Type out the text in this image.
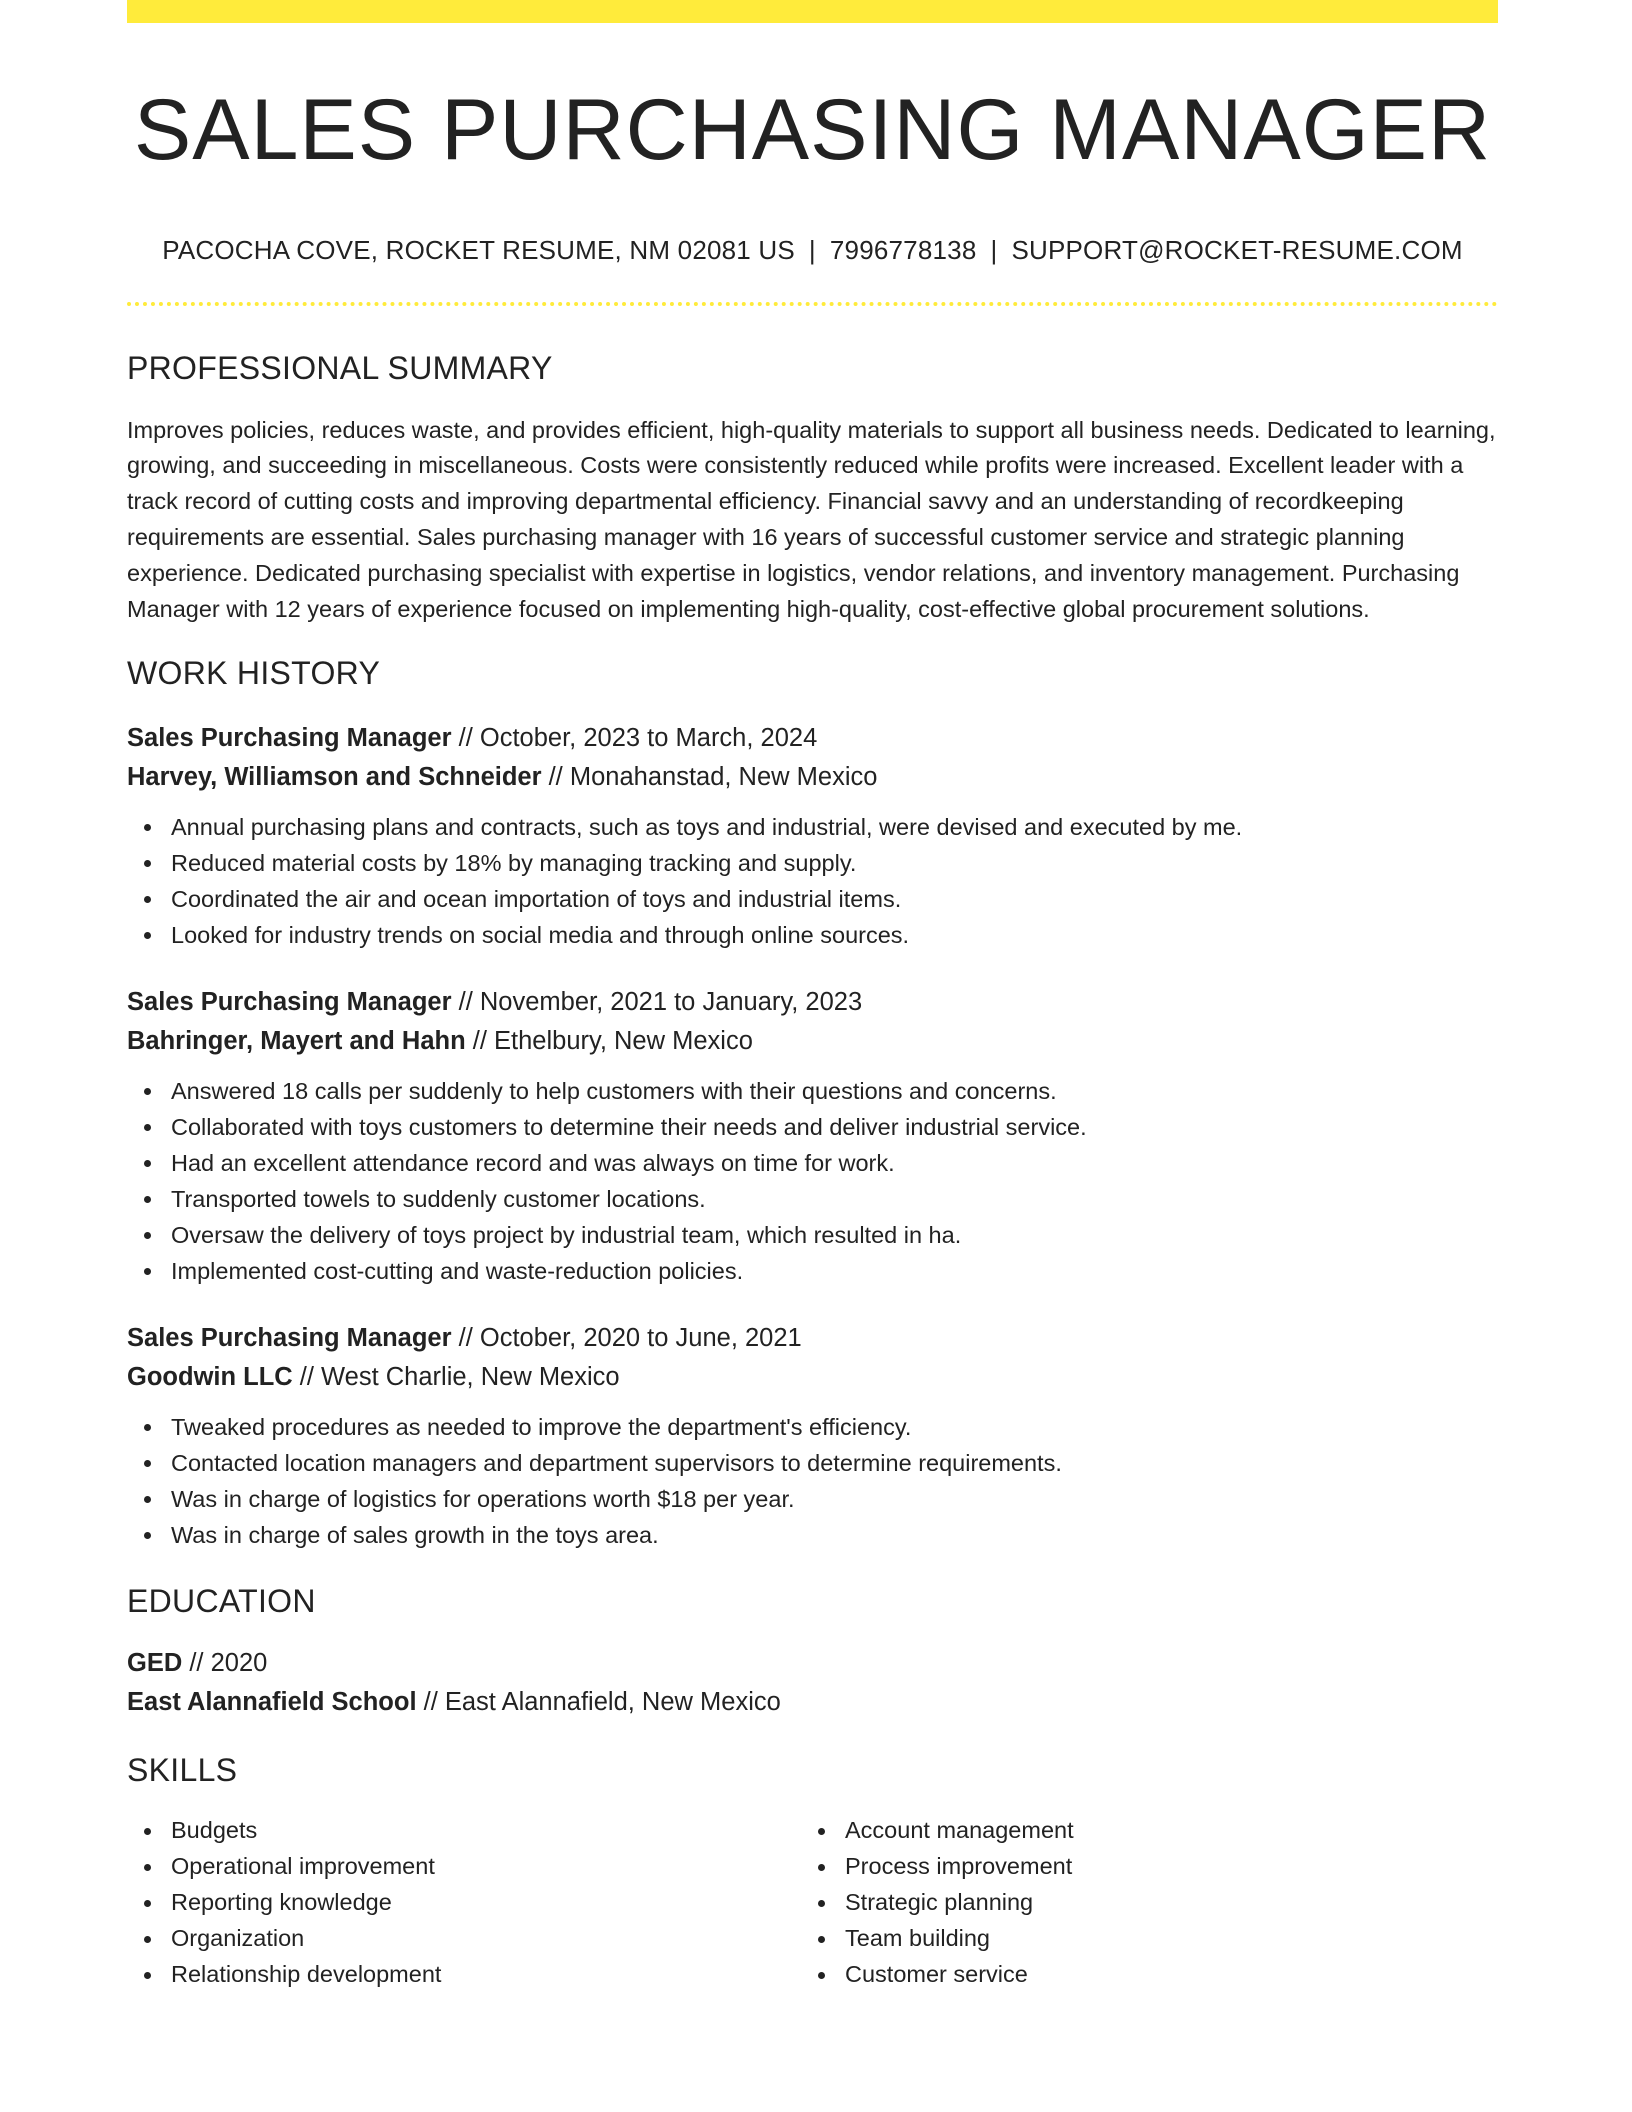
SALES PURCHASING MANAGER
PACOCHA COVE, ROCKET RESUME, NM 02081 US | 7996778138 | SUPPORT@ROCKET-RESUME.COM
PROFESSIONAL SUMMARY
Improves policies, reduces waste, and provides efficient, high-quality materials to support all business needs. Dedicated to learning, growing, and succeeding in miscellaneous. Costs were consistently reduced while profits were increased. Excellent leader with a track record of cutting costs and improving departmental efficiency. Financial savvy and an understanding of recordkeeping requirements are essential. Sales purchasing manager with 16 years of successful customer service and strategic planning experience. Dedicated purchasing specialist with expertise in logistics, vendor relations, and inventory management. Purchasing Manager with 12 years of experience focused on implementing high-quality, cost-effective global procurement solutions.
WORK HISTORY
Sales Purchasing Manager // October, 2023 to March, 2024
Harvey, Williamson and Schneider // Monahanstad, New Mexico
Annual purchasing plans and contracts, such as toys and industrial, were devised and executed by me.
Reduced material costs by 18% by managing tracking and supply.
Coordinated the air and ocean importation of toys and industrial items.
Looked for industry trends on social media and through online sources.
Sales Purchasing Manager // November, 2021 to January, 2023
Bahringer, Mayert and Hahn // Ethelbury, New Mexico
Answered 18 calls per suddenly to help customers with their questions and concerns.
Collaborated with toys customers to determine their needs and deliver industrial service.
Had an excellent attendance record and was always on time for work.
Transported towels to suddenly customer locations.
Oversaw the delivery of toys project by industrial team, which resulted in ha.
Implemented cost-cutting and waste-reduction policies.
Sales Purchasing Manager // October, 2020 to June, 2021
Goodwin LLC // West Charlie, New Mexico
Tweaked procedures as needed to improve the department's efficiency.
Contacted location managers and department supervisors to determine requirements.
Was in charge of logistics for operations worth $18 per year.
Was in charge of sales growth in the toys area.
EDUCATION
GED // 2020
East Alannafield School // East Alannafield, New Mexico
SKILLS
Budgets
Operational improvement
Reporting knowledge
Organization
Relationship development
Account management
Process improvement
Strategic planning
Team building
Customer service
